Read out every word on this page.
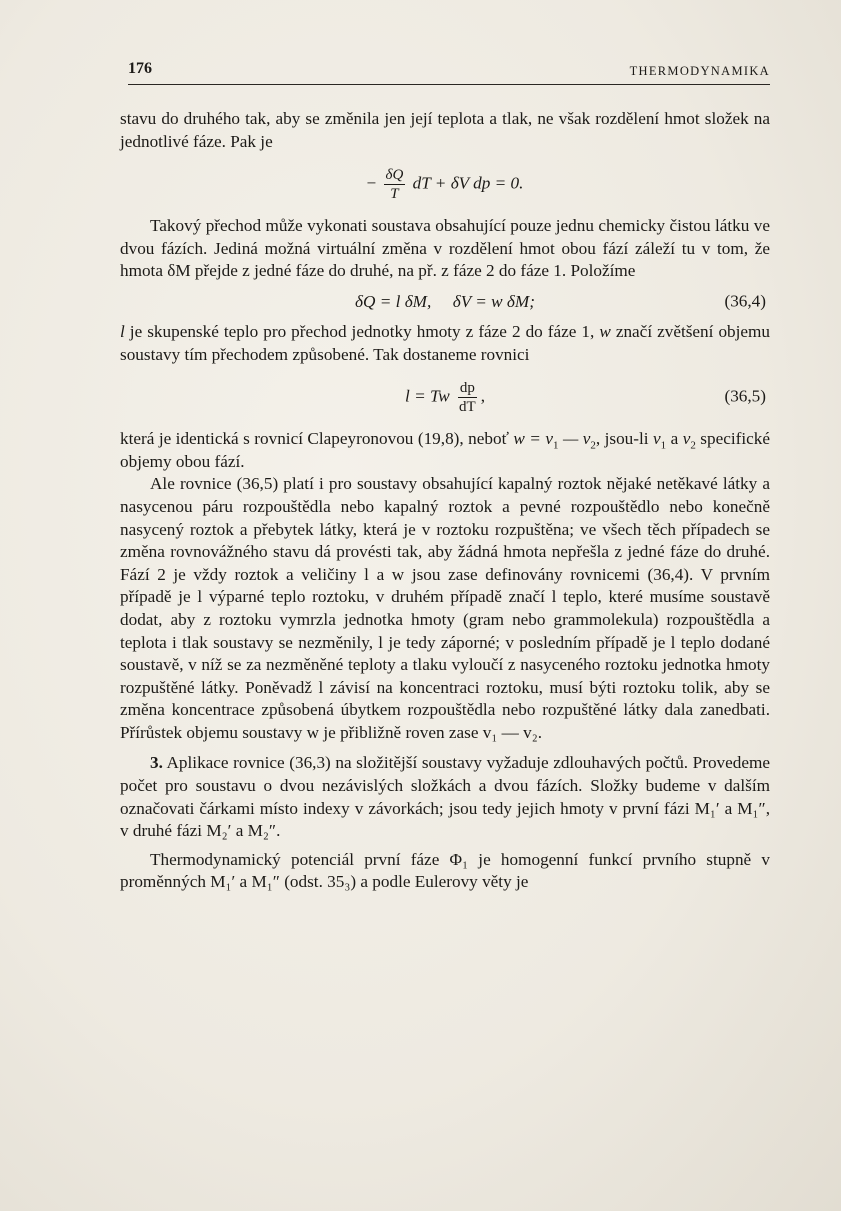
176	THERMODYNAMIKA

stavu do druhého tak, aby se změnila jen její teplota a tlak, ne však rozdělení hmot složek na jednotlivé fáze. Pak je

− $\frac{\delta Q}{T}$ dT + δV dp = 0.

Takový přechod může vykonati soustava obsahující pouze jednu chemicky čistou látku ve dvou fázích. Jediná možná virtuální změna v rozdělení hmot obou fází záleží tu v tom, že hmota δM přejde z jedné fáze do druhé, na př. z fáze 2 do fáze 1. Položíme

δQ = l δM,     δV = w δM;	(36,4)

l je skupenské teplo pro přechod jednotky hmoty z fáze 2 do fáze 1, w značí zvětšení objemu soustavy tím přechodem způsobené. Tak dostaneme rovnici

l = Tw $\frac{dp}{dT}$ ,	(36,5)

která je identická s rovnicí Clapeyronovou (19,8), neboť $w = v_1$ — $v_2$, jsou-li $v_1$ a $v_2$ specifické objemy obou fází.

Ale rovnice (36,5) platí i pro soustavy obsahující kapalný roztok nějaké netěkavé látky a nasycenou páru rozpouštědla nebo kapalný roztok a pevné rozpouštědlo nebo konečně nasycený roztok a přebytek látky, která je v roztoku rozpuštěna; ve všech těch případech se změna rovnovážného stavu dá provésti tak, aby žádná hmota nepřešla z jedné fáze do druhé. Fází 2 je vždy roztok a veličiny l a w jsou zase definovány rovnicemi (36,4). V prvním případě je l výparné teplo roztoku, v druhém případě značí l teplo, které musíme soustavě dodat, aby z roztoku vymrzla jednotka hmoty (gram nebo grammolekula) rozpouštědla a teplota i tlak soustavy se nezměnily, l je tedy záporné; v posledním případě je l teplo dodané soustavě, v níž se za nezměněné teploty a tlaku vyloučí z nasyceného roztoku jednotka hmoty rozpuštěné látky. Poněvadž l závisí na koncentraci roztoku, musí býti roztoku tolik, aby se změna koncentrace způsobená úbytkem rozpouštědla nebo rozpuštěné látky dala zanedbati. Přírůstek objemu soustavy w je přibližně roven zase v₁ — v₂.

3. Aplikace rovnice (36,3) na složitější soustavy vyžaduje zdlouhavých počtů. Provedeme počet pro soustavu o dvou nezávislých složkách a dvou fázích. Složky budeme v dalším označovati čárkami místo indexy v závorkách; jsou tedy jejich hmoty v první fázi M₁′ a M₁″, v druhé fázi M₂′ a M₂″.

Thermodynamický potenciál první fáze Φ₁ je homogenní funkcí prvního stupně v proměnných M₁′ a M₁″ (odst. 35₃) a podle Eulerovy věty je
